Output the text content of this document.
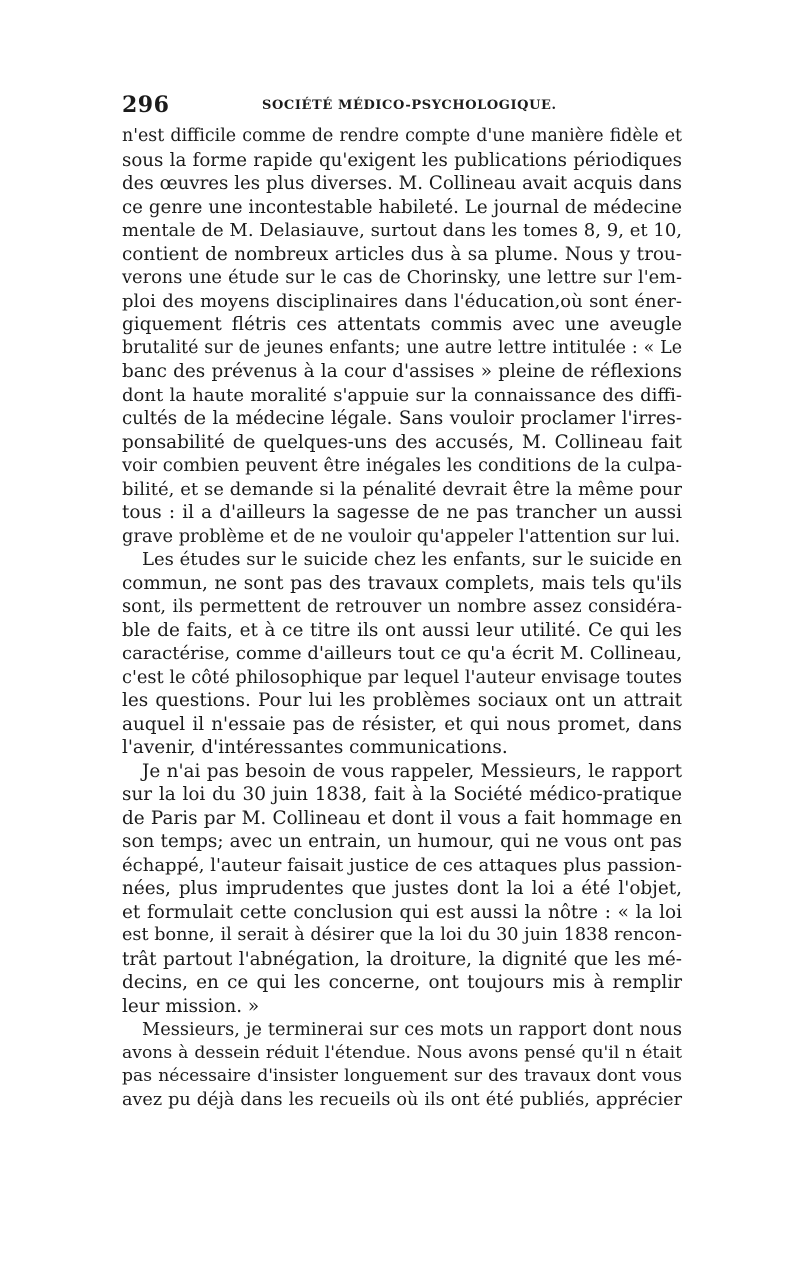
296	SOCIÉTÉ MÉDICO-PSYCHOLOGIQUE.
n'est difficile comme de rendre compte d'une manière fidèle et
sous la forme rapide qu'exigent les publications périodiques
des œuvres les plus diverses. M. Collineau avait acquis dans
ce genre une incontestable habileté. Le journal de médecine
mentale de M. Delasiauve, surtout dans les tomes 8, 9, et 10,
contient de nombreux articles dus à sa plume. Nous y trou-
verons une étude sur le cas de Chorinsky, une lettre sur l'em-
ploi des moyens disciplinaires dans l'éducation,où sont éner-
giquement flétris ces attentats commis avec une aveugle
brutalité sur de jeunes enfants; une autre lettre intitulée : « Le
banc des prévenus à la cour d'assises » pleine de réflexions
dont la haute moralité s'appuie sur la connaissance des diffi-
cultés de la médecine légale. Sans vouloir proclamer l'irres-
ponsabilité de quelques-uns des accusés, M. Collineau fait
voir combien peuvent être inégales les conditions de la culpa-
bilité, et se demande si la pénalité devrait être la même pour
tous : il a d'ailleurs la sagesse de ne pas trancher un aussi
grave problème et de ne vouloir qu'appeler l'attention sur lui.
Les études sur le suicide chez les enfants, sur le suicide en
commun, ne sont pas des travaux complets, mais tels qu'ils
sont, ils permettent de retrouver un nombre assez considéra-
ble de faits, et à ce titre ils ont aussi leur utilité. Ce qui les
caractérise, comme d'ailleurs tout ce qu'a écrit M. Collineau,
c'est le côté philosophique par lequel l'auteur envisage toutes
les questions. Pour lui les problèmes sociaux ont un attrait
auquel il n'essaie pas de résister, et qui nous promet, dans
l'avenir, d'intéressantes communications.
Je n'ai pas besoin de vous rappeler, Messieurs, le rapport
sur la loi du 30 juin 1838, fait à la Société médico-pratique
de Paris par M. Collineau et dont il vous a fait hommage en
son temps; avec un entrain, un humour, qui ne vous ont pas
échappé, l'auteur faisait justice de ces attaques plus passion-
nées, plus imprudentes que justes dont la loi a été l'objet,
et formulait cette conclusion qui est aussi la nôtre : « la loi
est bonne, il serait à désirer que la loi du 30 juin 1838 rencon-
trât partout l'abnégation, la droiture, la dignité que les mé-
decins, en ce qui les concerne, ont toujours mis à remplir
leur mission. »
Messieurs, je terminerai sur ces mots un rapport dont nous
avons à dessein réduit l'étendue. Nous avons pensé qu'il n était
pas nécessaire d'insister longuement sur des travaux dont vous
avez pu déjà dans les recueils où ils ont été publiés, apprécier
